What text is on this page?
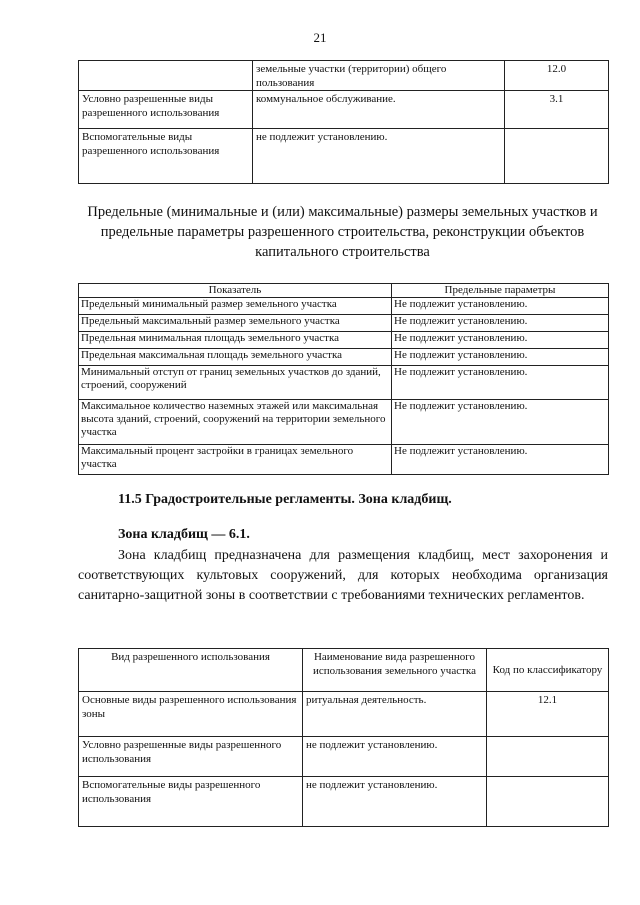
21
	земельные участки (территории) общего пользования	12.0
Условно разрешенные виды разрешенного использования	коммунальное обслуживание.	3.1
Вспомогательные виды разрешенного использования	не подлежит установлению.	
Предельные (минимальные и (или) максимальные) размеры земельных участков и предельные параметры разрешенного строительства, реконструкции объектов капитального строительства
Показатель	Предельные параметры
Предельный минимальный размер земельного участка	Не подлежит установлению.
Предельный максимальный размер земельного участка	Не подлежит установлению.
Предельная минимальная площадь земельного участка	Не подлежит установлению.
Предельная максимальная площадь земельного участка	Не подлежит установлению.
Минимальный отступ от границ земельных участков до зданий, строений, сооружений	Не подлежит установлению.
Максимальное количество наземных этажей или максимальная высота зданий, строений, сооружений на территории земельного участка	Не подлежит установлению.
Максимальный процент застройки в границах земельного участка	Не подлежит установлению.
11.5 Градостроительные регламенты. Зона кладбищ.
Зона кладбищ — 6.1.
Зона кладбищ предназначена для размещения кладбищ, мест захоронения и соответствующих культовых сооружений, для которых необходима организация санитарно-защитной зоны в соответствии с требованиями технических регламентов.
Вид разрешенного использования	Наименование вида разрешенного использования земельного участка	Код по классификатору
Основные виды разрешенного использования зоны	ритуальная деятельность.	12.1
Условно разрешенные виды разрешенного использования	не подлежит установлению.	
Вспомогательные виды разрешенного использования	не подлежит установлению.	
